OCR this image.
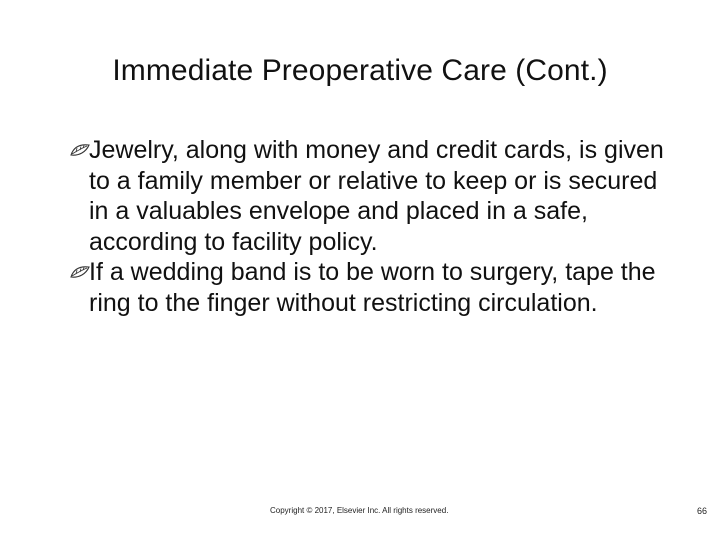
Immediate Preoperative Care (Cont.)
Jewelry, along with money and credit cards, is given to a family member or relative to keep or is secured in a valuables envelope and placed in a safe, according to facility policy.
If a wedding band is to be worn to surgery, tape the ring to the finger without restricting circulation.
Copyright © 2017, Elsevier Inc. All rights reserved.	66
